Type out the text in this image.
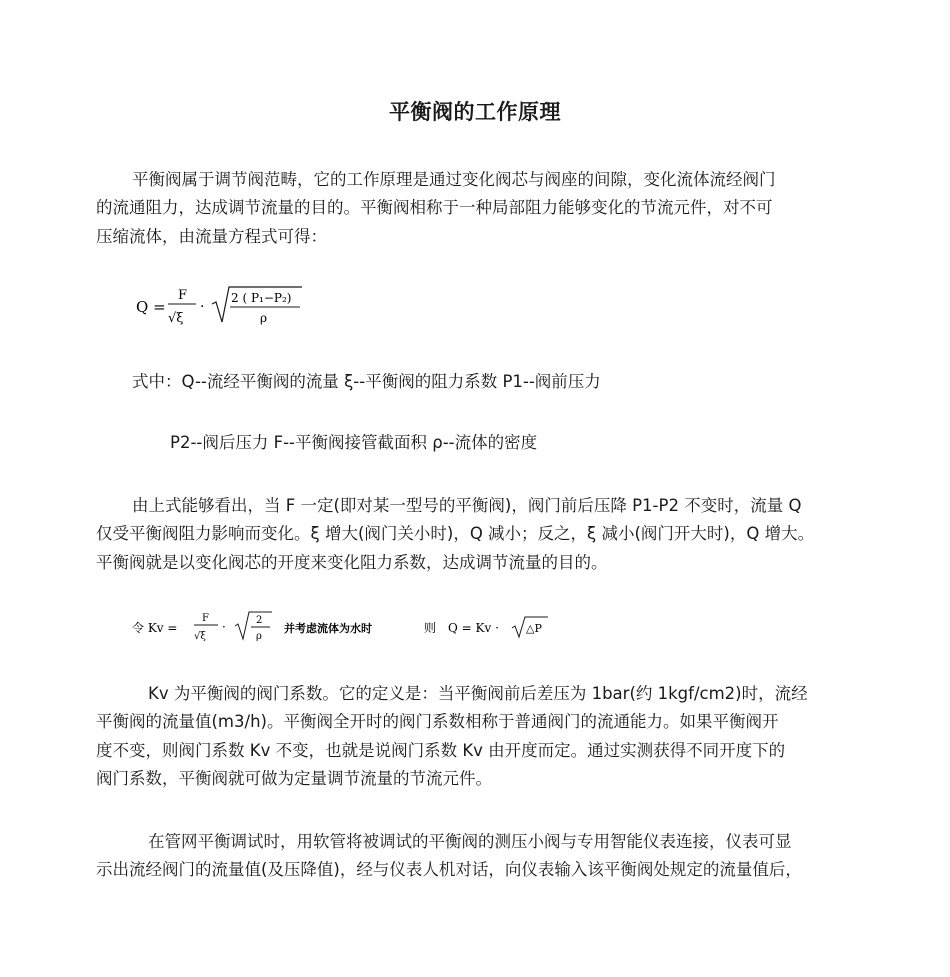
平衡阀的工作原理

平衡阀属于调节阀范畴，它的工作原理是通过变化阀芯与阀座的间隙，变化流体流经阀门
的流通阻力，达成调节流量的目的。平衡阀相称于一种局部阻力能够变化的节流元件，对不可
压缩流体，由流量方程式可得：

Q =
F
√ξ
·
2 ( P₁−P₂)
ρ

式中：Q--流经平衡阀的流量 ξ--平衡阀的阻力系数 P1--阀前压力

P2--阀后压力 F--平衡阀接管截面积 ρ--流体的密度

由上式能够看出，当 F 一定(即对某一型号的平衡阀)，阀门前后压降 P1-P2 不变时，流量 Q
仅受平衡阀阻力影响而变化。ξ 增大(阀门关小时)，Q 减小；反之，ξ 减小(阀门开大时)，Q 增大。
平衡阀就是以变化阀芯的开度来变化阻力系数，达成调节流量的目的。

令 Kv =
F
√ξ
·	2
ρ
并考虑流体为水时	则 Q = Kv · △P

Kv 为平衡阀的阀门系数。它的定义是：当平衡阀前后差压为 1bar(约 1kgf/cm2)时，流经
平衡阀的流量值(m3/h)。平衡阀全开时的阀门系数相称于普通阀门的流通能力。如果平衡阀开
度不变，则阀门系数 Kv 不变，也就是说阀门系数 Kv 由开度而定。通过实测获得不同开度下的
阀门系数，平衡阀就可做为定量调节流量的节流元件。

在管网平衡调试时，用软管将被调试的平衡阀的测压小阀与专用智能仪表连接，仪表可显
示出流经阀门的流量值(及压降值)，经与仪表人机对话，向仪表输入该平衡阀处规定的流量值后，
